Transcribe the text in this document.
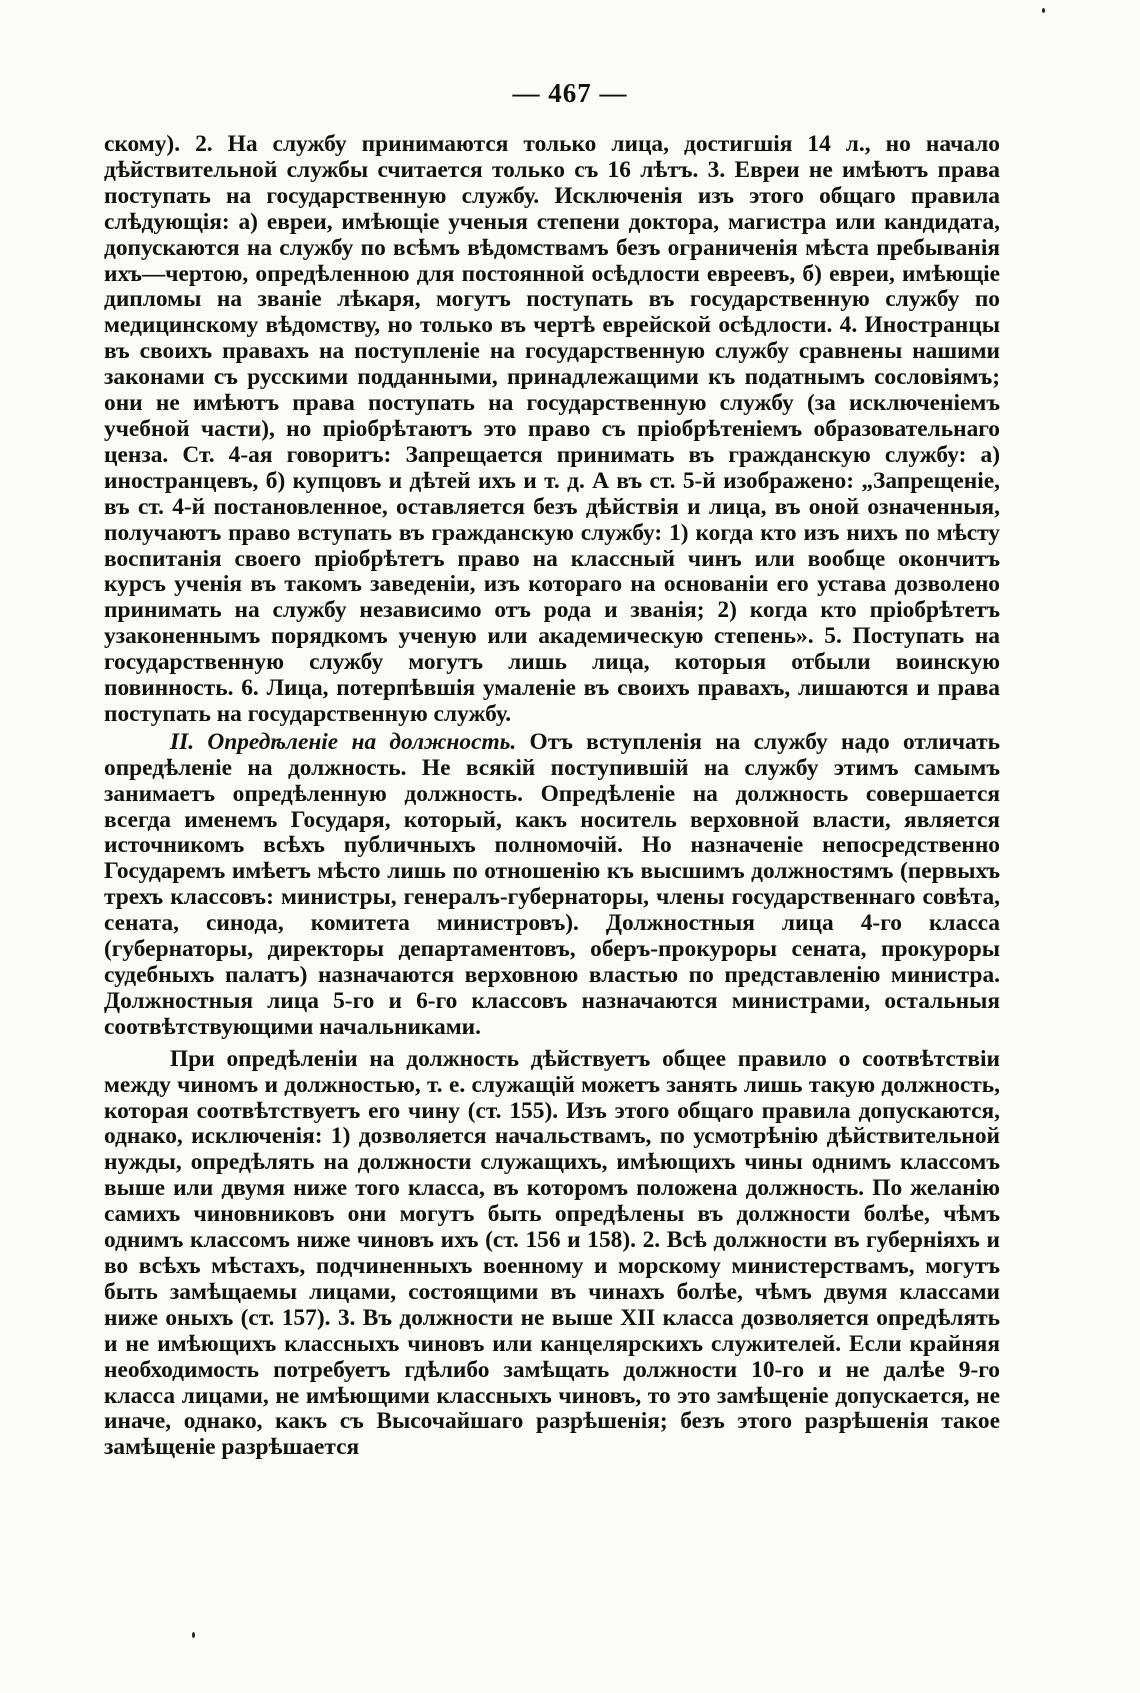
— 467 —

скому). 2. На службу принимаются только лица, достигшiя 14 л., но начало дѣйствительной службы считается только съ 16 лѣтъ. 3. Евреи не имѣютъ права поступать на государственную службу. Исключенiя изъ этого общаго правила слѣдующiя: а) евреи, имѣющiе ученыя степени доктора, магистра или кандидата, допускаются на службу по всѣмъ вѣдомствамъ безъ ограниченiя мѣста пребыванiя ихъ—чертою, опредѣленною для постоянной осѣдлости евреевъ, б) евреи, имѣющiе дипломы на званiе лѣкаря, могутъ поступать въ государственную службу по медицинскому вѣдомству, но только въ чертѣ еврейской осѣдлости. 4. Иностранцы въ своихъ правахъ на поступленiе на государственную службу сравнены нашими законами съ русскими подданными, принадлежащими къ податнымъ сословiямъ; они не имѣютъ права поступать на государственную службу (за исключенiемъ учебной части), но прiобрѣтаютъ это право съ прiобрѣтенiемъ образовательнаго ценза. Ст. 4-ая говоритъ: Запрещается принимать въ гражданскую службу: а) иностранцевъ, б) купцовъ и дѣтей ихъ и т. д. А въ ст. 5-й изображено: „Запрещенiе, въ ст. 4-й постановленное, оставляется безъ дѣйствiя и лица, въ оной означенныя, получаютъ право вступать въ гражданскую службу: 1) когда кто изъ нихъ по мѣсту воспитанiя своего прiобрѣтетъ право на классный чинъ или вообще окончитъ курсъ ученiя въ такомъ заведенiи, изъ котораго на основанiи его устава дозволено принимать на службу независимо отъ рода и званiя; 2) когда кто прiобрѣтетъ узаконеннымъ порядкомъ ученую или академическую степень». 5. Поступать на государственную службу могутъ лишь лица, которыя отбыли воинскую повинность. 6. Лица, потерпѣвшiя умаленiе въ своихъ правахъ, лишаются и права поступать на государственную службу.

II. Опредѣленiе на должность. Отъ вступленiя на службу надо отличать опредѣленiе на должность. Не всякiй поступившiй на службу этимъ самымъ занимаетъ опредѣленную должность. Опредѣленiе на должность совершается всегда именемъ Государя, который, какъ носитель верховной власти, является источникомъ всѣхъ публичныхъ полномочiй. Но назначенiе непосредственно Государемъ имѣетъ мѣсто лишь по отношенiю къ высшимъ должностямъ (первыхъ трехъ классовъ: министры, генералъ-губернаторы, члены государственнаго совѣта, сената, синода, комитета министровъ). Должностныя лица 4-го класса (губернаторы, директоры департаментовъ, оберъ-прокуроры сената, прокуроры судебныхъ палатъ) назначаются верховною властью по представленiю министра. Должностныя лица 5-го и 6-го классовъ назначаются министрами, остальныя соотвѣтствующими начальниками.

При опредѣленiи на должность дѣйствуетъ общее правило о соотвѣтствiи между чиномъ и должностью, т. е. служащiй можетъ занять лишь такую должность, которая соотвѣтствуетъ его чину (ст. 155). Изъ этого общаго правила допускаются, однако, исключенiя: 1) дозволяется начальствамъ, по усмотрѣнiю дѣйствительной нужды, опредѣлять на должности служащихъ, имѣющихъ чины однимъ классомъ выше или двумя ниже того класса, въ которомъ положена должность. По желанiю самихъ чиновниковъ они могутъ быть опредѣлены въ должности болѣе, чѣмъ однимъ классомъ ниже чиновъ ихъ (ст. 156 и 158). 2. Всѣ должности въ губернiяхъ и во всѣхъ мѣстахъ, подчиненныхъ военному и морскому министерствамъ, могутъ быть замѣщаемы лицами, состоящими въ чинахъ болѣе, чѣмъ двумя классами ниже оныхъ (ст. 157). 3. Въ должности не выше XII класса дозволяется опредѣлять и не имѣющихъ классныхъ чиновъ или канцелярскихъ служителей. Если крайняя необходимость потребуетъ гдѣлибо замѣщать должности 10-го и не далѣе 9-го класса лицами, не имѣющими классныхъ чиновъ, то это замѣщенiе допускается, не иначе, однако, какъ съ Высочайшаго разрѣшенiя; безъ этого разрѣшенiя такое замѣщенiе разрѣшается
